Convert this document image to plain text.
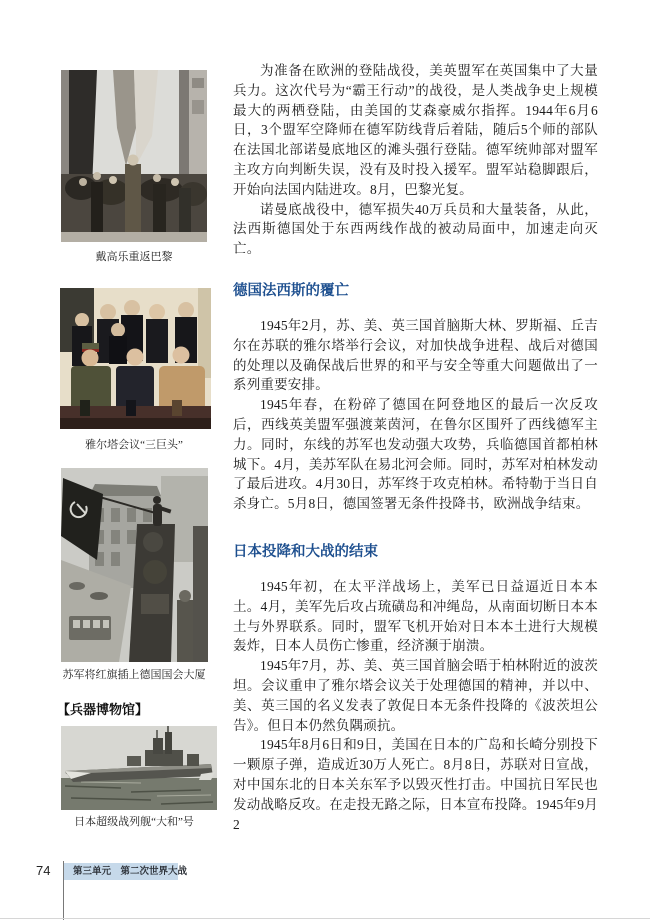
戴高乐重返巴黎
雅尔塔会议“三巨头”
苏军将红旗插上德国国会大厦
【兵器博物馆】
日本超级战列舰“大和”号

为准备在欧洲的登陆战役，美英盟军在英国集中了大量兵力。这次代号为“霸王行动”的战役，是人类战争史上规模最大的两栖登陆，由美国的艾森豪威尔指挥。1944年6月6日，3个盟军空降师在德军防线背后着陆，随后5个师的部队在法国北部诺曼底地区的滩头强行登陆。德军统帅部对盟军主攻方向判断失误，没有及时投入援军。盟军站稳脚跟后，开始向法国内陆进攻。8月，巴黎光复。

诺曼底战役中，德军损失40万兵员和大量装备，从此，法西斯德国处于东西两线作战的被动局面中，加速走向灭亡。

德国法西斯的覆亡

1945年2月，苏、美、英三国首脑斯大林、罗斯福、丘吉尔在苏联的雅尔塔举行会议，对加快战争进程、战后对德国的处理以及确保战后世界的和平与安全等重大问题做出了一系列重要安排。

1945年春，在粉碎了德国在阿登地区的最后一次反攻后，西线英美盟军强渡莱茵河，在鲁尔区围歼了西线德军主力。同时，东线的苏军也发动强大攻势，兵临德国首都柏林城下。4月，美苏军队在易北河会师。同时，苏军对柏林发动了最后进攻。4月30日，苏军终于攻克柏林。希特勒于当日自杀身亡。5月8日，德国签署无条件投降书，欧洲战争结束。

日本投降和大战的结束

1945年初，在太平洋战场上，美军已日益逼近日本本土。4月，美军先后攻占琉磺岛和冲绳岛，从南面切断日本本土与外界联系。同时，盟军飞机开始对日本本土进行大规模轰炸，日本人员伤亡惨重，经济濒于崩溃。

1945年7月，苏、美、英三国首脑会晤于柏林附近的波茨坦。会议重申了雅尔塔会议关于处理德国的精神，并以中、美、英三国的名义发表了敦促日本无条件投降的《波茨坦公告》。但日本仍然负隅顽抗。

1945年8月6日和9日，美国在日本的广岛和长崎分别投下一颗原子弹，造成近30万人死亡。8月8日，苏联对日宣战，对中国东北的日本关东军予以毁灭性打击。中国抗日军民也发动战略反攻。在走投无路之际，日本宣布投降。1945年9月2

74	第三单元　第二次世界大战
